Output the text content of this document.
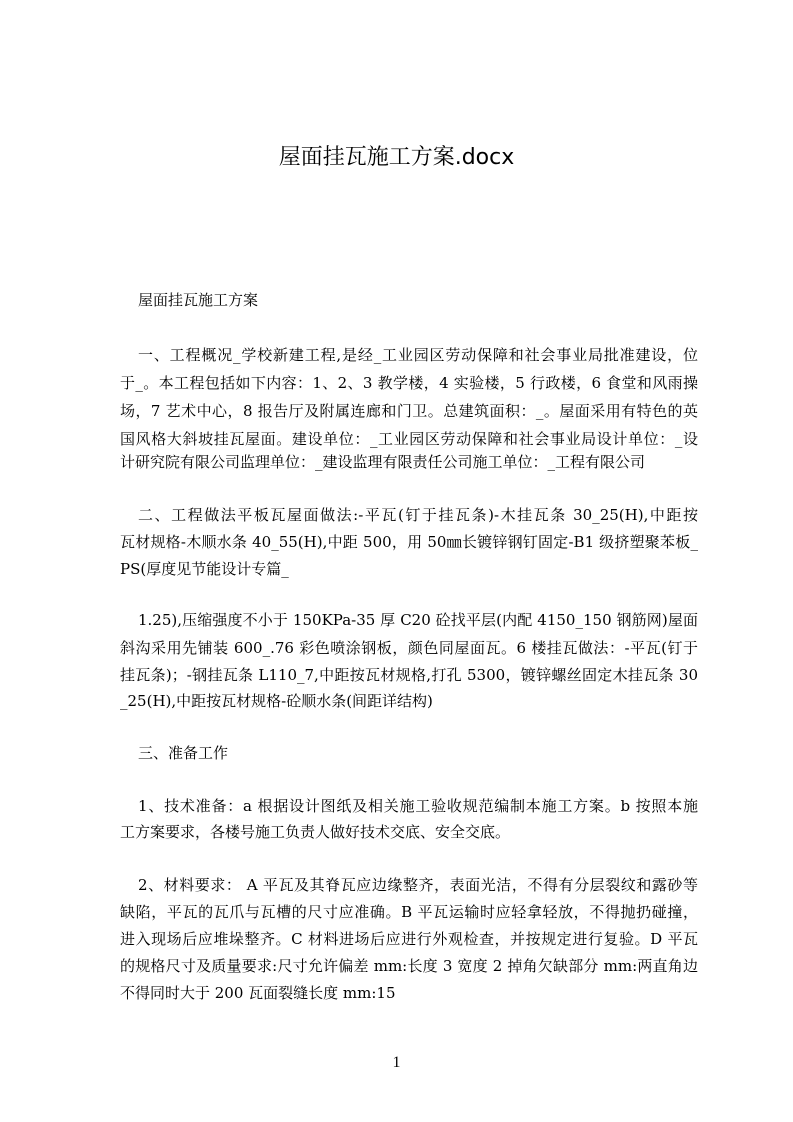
屋面挂瓦施工方案.docx
屋面挂瓦施工方案
一、工程概况_学校新建工程,是经_工业园区劳动保障和社会事业局批准建设，位
于_。本工程包括如下内容：1、2、3 教学楼，4 实验楼，5 行政楼，6 食堂和风雨操
场，7 艺术中心，8 报告厅及附属连廊和门卫。总建筑面积：_。屋面采用有特色的英
国风格大斜坡挂瓦屋面。建设单位：_工业园区劳动保障和社会事业局设计单位：_设
计研究院有限公司监理单位：_建设监理有限责任公司施工单位：_工程有限公司
二、工程做法平板瓦屋面做法:-平瓦(钉于挂瓦条)-木挂瓦条 30_25(H),中距按
瓦材规格-木顺水条 40_55(H),中距 500，用 50㎜长镀锌钢钉固定-B1 级挤塑聚苯板_
PS(厚度见节能设计专篇_
1.25),压缩强度不小于 150KPa-35 厚 C20 砼找平层(内配 4150_150 钢筋网)屋面
斜沟采用先铺装 600_.76 彩色喷涂钢板，颜色同屋面瓦。6 楼挂瓦做法：-平瓦(钉于
挂瓦条)；-钢挂瓦条 L110_7,中距按瓦材规格,打孔 5300，镀锌螺丝固定木挂瓦条 30
_25(H),中距按瓦材规格-砼顺水条(间距详结构)
三、准备工作
1、技术准备：a 根据设计图纸及相关施工验收规范编制本施工方案。b 按照本施
工方案要求，各楼号施工负责人做好技术交底、安全交底。
2、材料要求： A 平瓦及其脊瓦应边缘整齐，表面光洁，不得有分层裂纹和露砂等
缺陷，平瓦的瓦爪与瓦槽的尺寸应准确。B 平瓦运输时应轻拿轻放，不得抛扔碰撞，
进入现场后应堆垛整齐。C 材料进场后应进行外观检查，并按规定进行复验。D 平瓦
的规格尺寸及质量要求:尺寸允许偏差 mm:长度 3 宽度 2 掉角欠缺部分 mm:两直角边
不得同时大于 200 瓦面裂缝长度 mm:15
1
